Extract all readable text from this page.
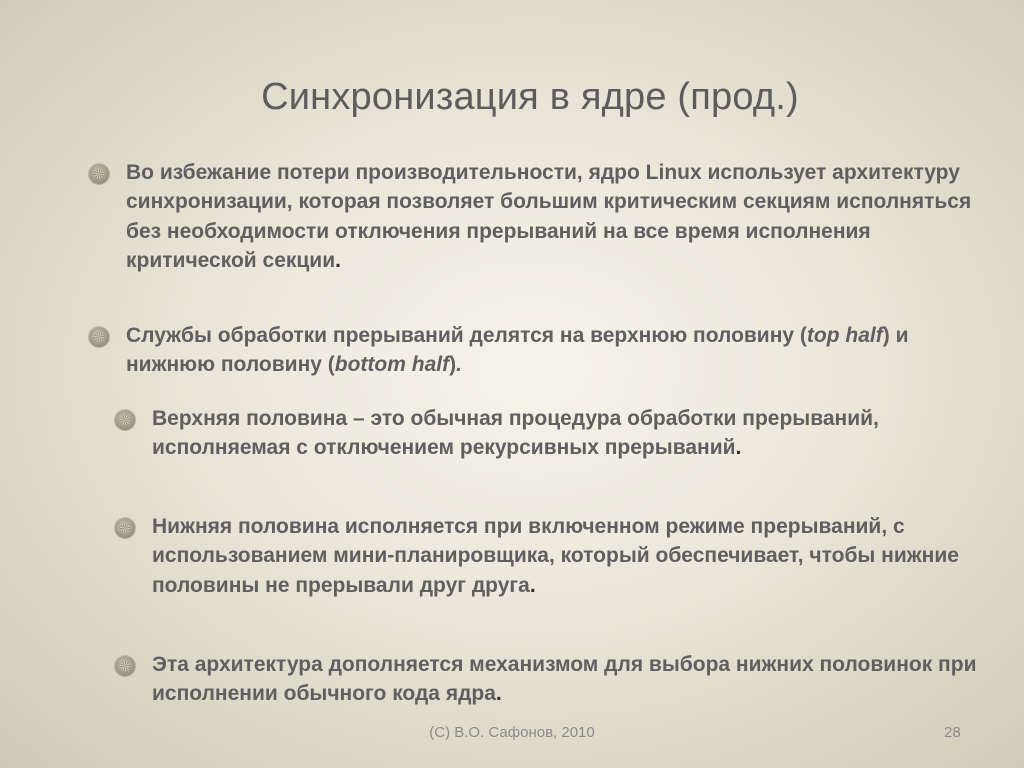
Синхронизация в ядре (прод.)
Во избежание потери производительности, ядро Linux использует архитектуру синхронизации, которая позволяет большим критическим секциям исполняться без необходимости отключения прерываний на все время исполнения критической секции.
Службы обработки прерываний делятся на верхнюю половину (top half) и нижнюю половину (bottom half).
Верхняя половина – это обычная процедура обработки прерываний, исполняемая с отключением рекурсивных прерываний.
Нижняя половина исполняется при включенном режиме прерываний, с использованием мини-планировщика, который обеспечивает, чтобы нижние половины не прерывали друг друга.
Эта архитектура дополняется механизмом для выбора нижних половинок при исполнении обычного кода ядра.
(C) В.О. Сафонов, 2010	28
